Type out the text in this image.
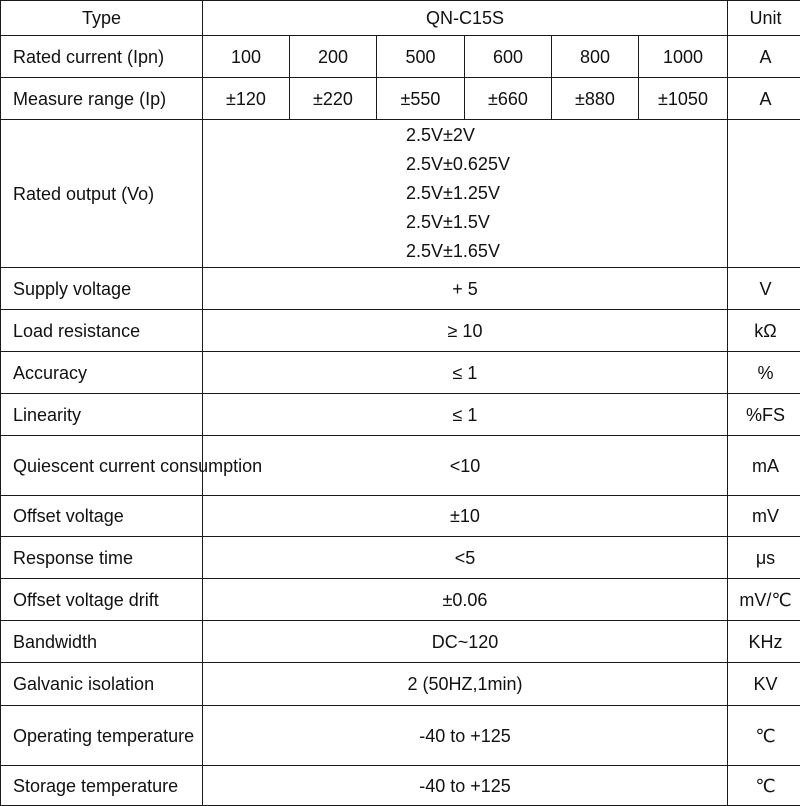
Type	QN-C15S						Unit
Rated current (Ipn)	100	200	500	600	800	1000	A
Measure range (Ip)	±120	±220	±550	±660	±880	±1050	A
Rated output (Vo)	2.5V±2V
2.5V±0.625V
2.5V±1.25V
2.5V±1.5V
2.5V±1.65V						

Supply voltage	+ 5						V
Load resistance	≥ 10						kΩ
Accuracy	≤ 1						%
Linearity	≤ 1						%FS
Quiescent current consumption	<10						mA
Offset voltage	±10						mV
Response time	<5						μs
Offset voltage drift	±0.06						mV/℃
Bandwidth	DC~120						KHz
Galvanic isolation	2 (50HZ,1min)						KV
Operating temperature	-40 to +125						℃
Storage temperature	-40 to +125						℃
